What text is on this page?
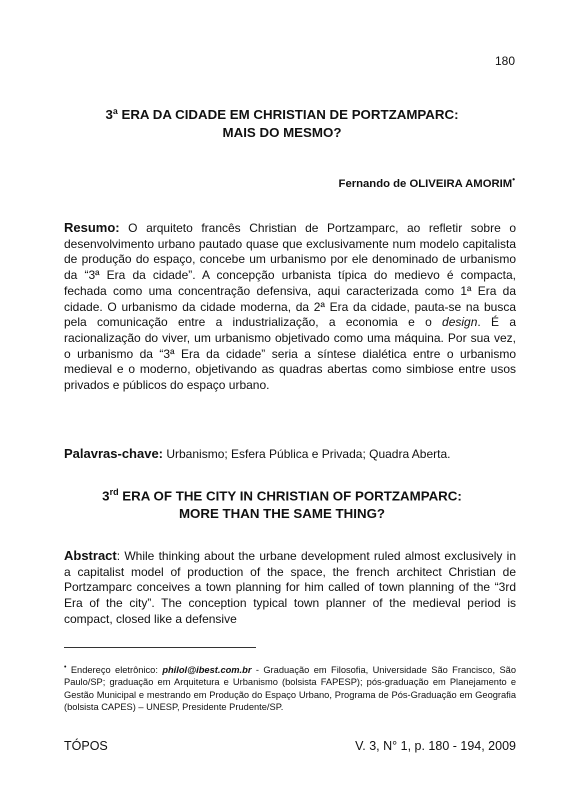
180
3ª ERA DA CIDADE EM CHRISTIAN DE PORTZAMPARC:
MAIS DO MESMO?
Fernando de OLIVEIRA AMORIM•
Resumo: O arquiteto francês Christian de Portzamparc, ao refletir sobre o desenvolvimento urbano pautado quase que exclusivamente num modelo capitalista de produção do espaço, concebe um urbanismo por ele denominado de urbanismo da “3ª Era da cidade”. A concepção urbanista típica do medievo é compacta, fechada como uma concentração defensiva, aqui caracterizada como 1ª Era da cidade. O urbanismo da cidade moderna, da 2ª Era da cidade, pauta-se na busca pela comunicação entre a industrialização, a economia e o design. É a racionalização do viver, um urbanismo objetivado como uma máquina. Por sua vez, o urbanismo da “3ª Era da cidade” seria a síntese dialética entre o urbanismo medieval e o moderno, objetivando as quadras abertas como simbiose entre usos privados e públicos do espaço urbano.
Palavras-chave: Urbanismo; Esfera Pública e Privada; Quadra Aberta.
3rd ERA OF THE CITY IN CHRISTIAN OF PORTZAMPARC:
MORE THAN THE SAME THING?
Abstract: While thinking about the urbane development ruled almost exclusively in a capitalist model of production of the space, the french architect Christian de Portzamparc conceives a town planning for him called of town planning of the “3rd Era of the city”. The conception typical town planner of the medieval period is compact, closed like a defensive
• Endereço eletrônico: philol@ibest.com.br - Graduação em Filosofia, Universidade São Francisco, São Paulo/SP; graduação em Arquitetura e Urbanismo (bolsista FAPESP); pós-graduação em Planejamento e Gestão Municipal e mestrando em Produção do Espaço Urbano, Programa de Pós-Graduação em Geografia (bolsista CAPES) – UNESP, Presidente Prudente/SP.
TÓPOS	V. 3, N° 1, p. 180 - 194, 2009
